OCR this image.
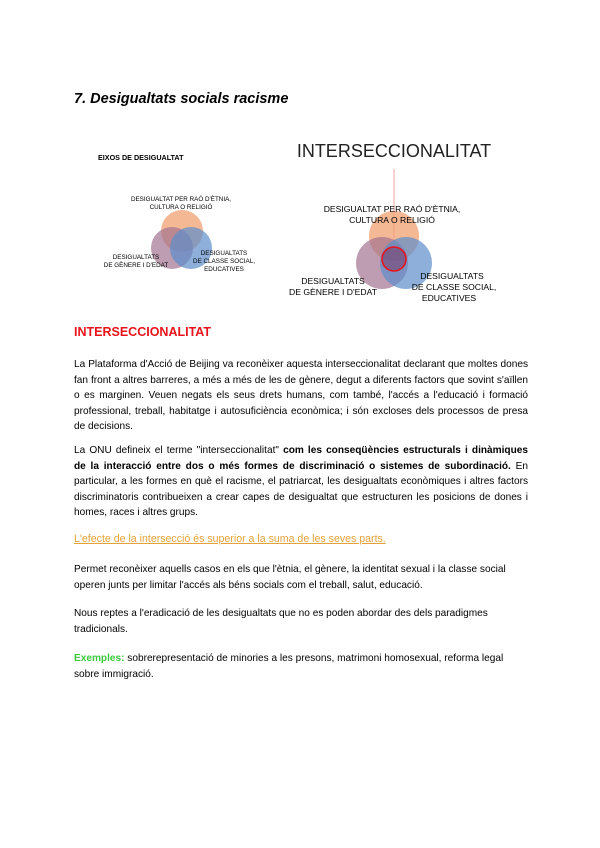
7. Desigualtats socials racisme
EIXOS DE DESIGUALTAT
DESIGUALTAT PER RAÓ D'ÈTNIA,
CULTURA O RELIGIÓ
DESIGUALTATS
DE GÈNERE I D'EDAT
DESIGUALTATS
DE CLASSE SOCIAL,
EDUCATIVES
INTERSECCIONALITAT
DESIGUALTAT PER RAÓ D'ÈTNIA,
CULTURA O RELIGIÓ
DESIGUALTATS
DE GÈNERE I D'EDAT
DESIGUALTATS
DE CLASSE SOCIAL,
EDUCATIVES
INTERSECCIONALITAT

La Plataforma d'Acció de Beijing va reconèixer aquesta interseccionalitat declarant que moltes dones fan front a altres barreres, a més a més de les de gènere, degut a diferents factors que sovint s'aïllen o es marginen. Veuen negats els seus drets humans, com també, l'accés a l'educació i formació professional, treball, habitatge i autosuficiència econòmica; i són excloses dels processos de presa de decisions.

La ONU defineix el terme "interseccionalitat" com les conseqüències estructurals i dinàmiques de la interacció entre dos o més formes de discriminació o sistemes de subordinació. En particular, a les formes en què el racisme, el patriarcat, les desigualtats econòmiques i altres factors discriminatoris contribueixen a crear capes de desigualtat que estructuren les posicions de dones i homes, races i altres grups.

L'efecte de la intersecció és superior a la suma de les seves parts.

Permet reconèixer aquells casos en els que l'ètnia, el gènere, la identitat sexual i la classe social operen junts per limitar l'accés als béns socials com el treball, salut, educació.

Nous reptes a l'eradicació de les desigualtats que no es poden abordar des dels paradigmes tradicionals.

Exemples: sobrerepresentació de minories a les presons, matrimoni homosexual, reforma legal sobre immigració.
